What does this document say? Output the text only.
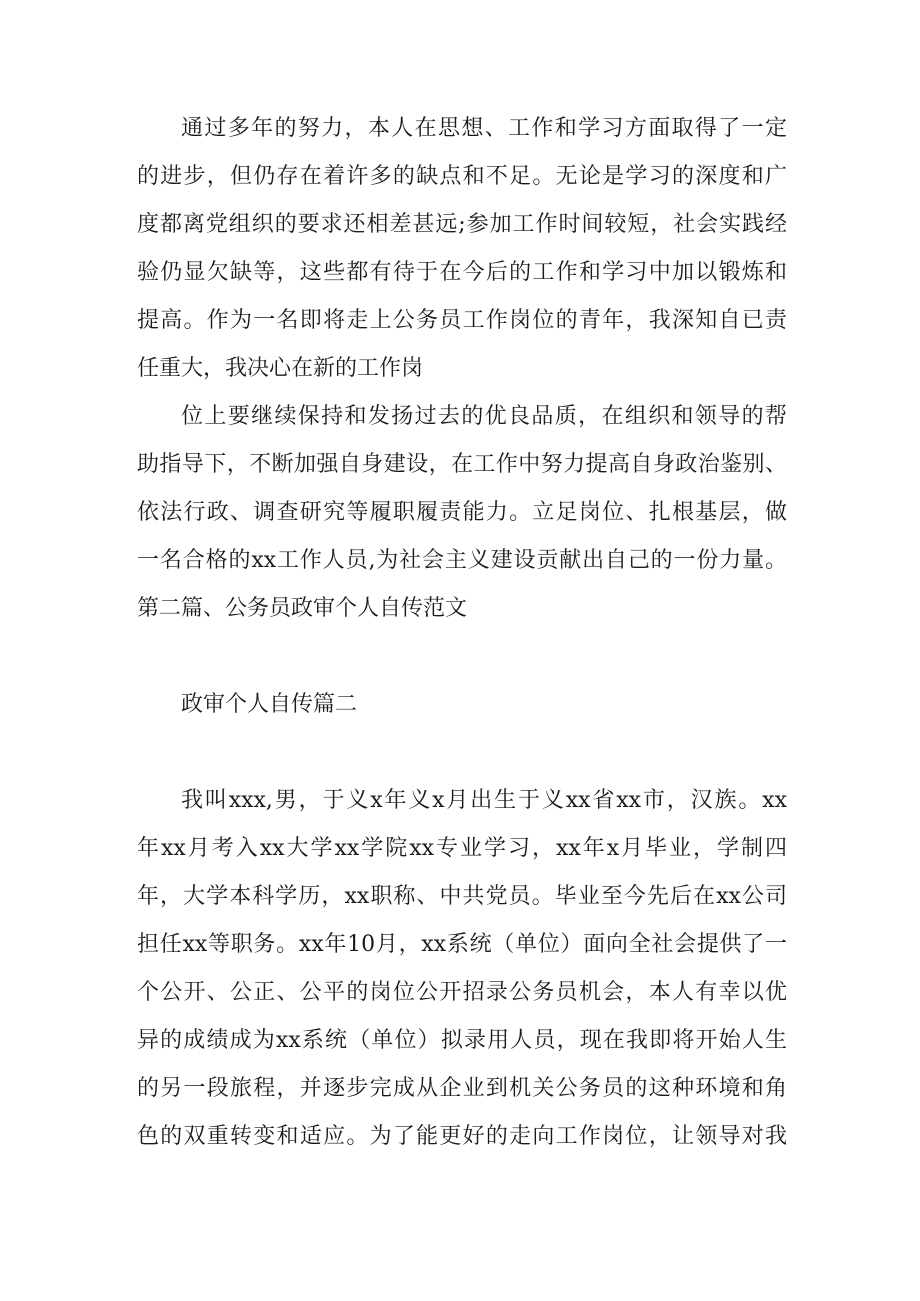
通过多年的努力，本人在思想、工作和学习方面取得了一定
的进步，但仍存在着许多的缺点和不足。无论是学习的深度和广
度都离党组织的要求还相差甚远;参加工作时间较短，社会实践经
验仍显欠缺等，这些都有待于在今后的工作和学习中加以锻炼和
提高。作为一名即将走上公务员工作岗位的青年，我深知自已责
任重大，我决心在新的工作岗
位上要继续保持和发扬过去的优良品质，在组织和领导的帮
助指导下，不断加强自身建设，在工作中努力提高自身政治鉴别、
依法行政、调查研究等履职履责能力。立足岗位、扎根基层，做
一名合格的xx工作人员,为社会主义建设贡献出自己的一份力量。
第二篇、公务员政审个人自传范文
政审个人自传篇二
我叫xxx,男，于义x年义x月出生于义xx省xx市，汉族。xx
年xx月考入xx大学xx学院xx专业学习，xx年x月毕业，学制四
年，大学本科学历，xx职称、中共党员。毕业至今先后在xx公司
担任xx等职务。xx年10月，xx系统（单位）面向全社会提供了一
个公开、公正、公平的岗位公开招录公务员机会，本人有幸以优
异的成绩成为xx系统（单位）拟录用人员，现在我即将开始人生
的另一段旅程，并逐步完成从企业到机关公务员的这种环境和角
色的双重转变和适应。为了能更好的走向工作岗位，让领导对我
